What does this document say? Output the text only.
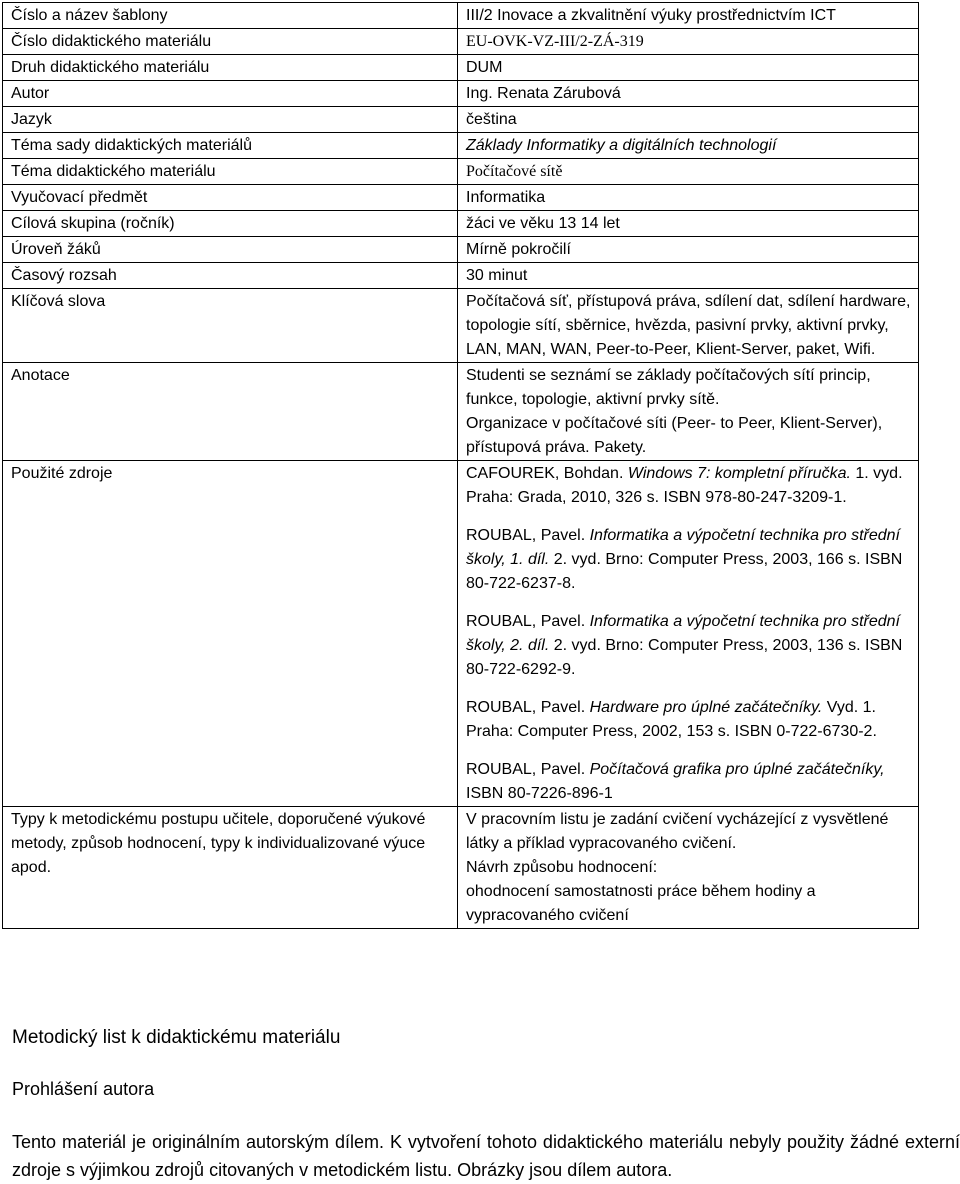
Číslo a název šablony	III/2 Inovace a zkvalitnění výuky prostřednictvím ICT
Číslo didaktického materiálu	EU-OVK-VZ-III/2-ZÁ-319
Druh didaktického materiálu	DUM
Autor	Ing. Renata Zárubová
Jazyk	čeština
Téma sady didaktických materiálů	Základy Informatiky a digitálních technologií
Téma didaktického materiálu	Počítačové sítě
Vyučovací předmět	Informatika
Cílová skupina (ročník)	žáci ve věku 13 14 let
Úroveň žáků	Mírně pokročilí
Časový rozsah	30 minut
Klíčová slova	Počítačová síť, přístupová práva, sdílení dat, sdílení hardware, topologie sítí, sběrnice, hvězda, pasivní prvky, aktivní prvky, LAN, MAN, WAN, Peer-to-Peer, Klient-Server, paket, Wifi.
Anotace	Studenti se seznámí se základy počítačových sítí princip, funkce, topologie, aktivní prvky sítě.
Organizace v počítačové síti (Peer- to Peer, Klient-Server), přístupová práva. Pakety.

Použité zdroje	CAFOUREK, Bohdan. Windows 7: kompletní příručka. 1. vyd. Praha: Grada, 2010, 326 s. ISBN 978-80-247-3209-1.
ROUBAL, Pavel. Informatika a výpočetní technika pro střední školy, 1. díl. 2. vyd. Brno: Computer Press, 2003, 166 s. ISBN 80-722-6237-8.
ROUBAL, Pavel. Informatika a výpočetní technika pro střední školy, 2. díl. 2. vyd. Brno: Computer Press, 2003, 136 s. ISBN 80-722-6292-9.
ROUBAL, Pavel. Hardware pro úplné začátečníky. Vyd. 1. Praha: Computer Press, 2002, 153 s. ISBN 0-722-6730-2.
ROUBAL, Pavel. Počítačová grafika pro úplné začátečníky, ISBN 80-7226-896-1

Typy k metodickému postupu učitele, doporučené výukové metody, způsob hodnocení, typy k individualizované výuce apod.	V pracovním listu je zadání cvičení vycházející z vysvětlené látky a příklad vypracovaného cvičení.
Návrh způsobu hodnocení:
ohodnocení samostatnosti práce během hodiny a vypracovaného cvičení
Metodický list k didaktickému materiálu
Prohlášení autora
Tento materiál je originálním autorským dílem. K vytvoření tohoto didaktického materiálu nebyly použity žádné externí zdroje s výjimkou zdrojů citovaných v metodickém listu. Obrázky jsou dílem autora.
